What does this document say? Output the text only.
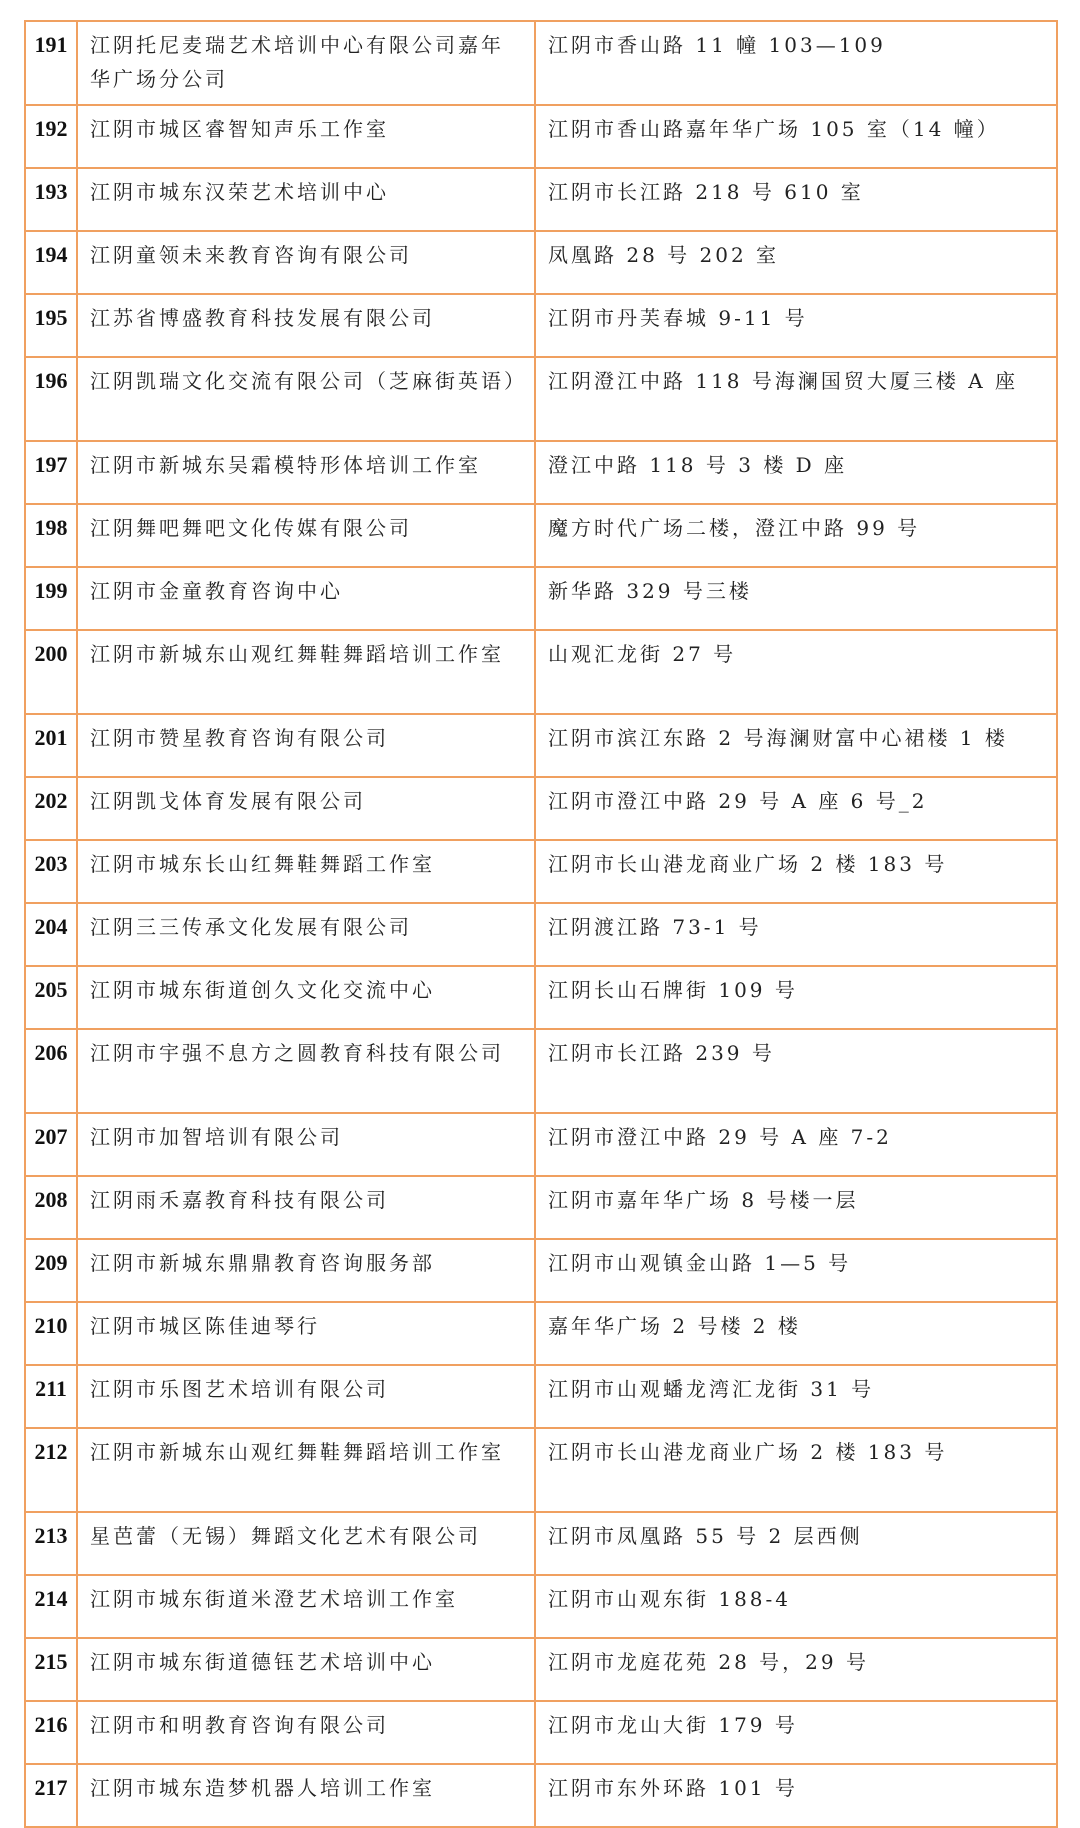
191	江阴托尼麦瑞艺术培训中心有限公司嘉年华广场分公司	江阴市香山路 11 幢 103—109
192	江阴市城区睿智知声乐工作室	江阴市香山路嘉年华广场 105 室（14 幢）
193	江阴市城东汉荣艺术培训中心	江阴市长江路 218 号 610 室
194	江阴童领未来教育咨询有限公司	凤凰路 28 号 202 室
195	江苏省博盛教育科技发展有限公司	江阴市丹芙春城 9-11 号
196	江阴凯瑞文化交流有限公司（芝麻街英语）	江阴澄江中路 118 号海澜国贸大厦三楼 A 座
197	江阴市新城东吴霜模特形体培训工作室	澄江中路 118 号 3 楼 D 座
198	江阴舞吧舞吧文化传媒有限公司	魔方时代广场二楼，澄江中路 99 号
199	江阴市金童教育咨询中心	新华路 329 号三楼
200	江阴市新城东山观红舞鞋舞蹈培训工作室	山观汇龙街 27 号
201	江阴市赞星教育咨询有限公司	江阴市滨江东路 2 号海澜财富中心裙楼 1 楼
202	江阴凯戈体育发展有限公司	江阴市澄江中路 29 号 A 座 6 号_2
203	江阴市城东长山红舞鞋舞蹈工作室	江阴市长山港龙商业广场 2 楼 183 号
204	江阴三三传承文化发展有限公司	江阴渡江路 73-1 号
205	江阴市城东街道创久文化交流中心	江阴长山石牌街 109 号
206	江阴市宇强不息方之圆教育科技有限公司	江阴市长江路 239 号
207	江阴市加智培训有限公司	江阴市澄江中路 29 号 A 座 7-2
208	江阴雨禾嘉教育科技有限公司	江阴市嘉年华广场 8 号楼一层
209	江阴市新城东鼎鼎教育咨询服务部	江阴市山观镇金山路 1—5 号
210	江阴市城区陈佳迪琴行	嘉年华广场 2 号楼 2 楼
211	江阴市乐图艺术培训有限公司	江阴市山观蟠龙湾汇龙街 31 号
212	江阴市新城东山观红舞鞋舞蹈培训工作室	江阴市长山港龙商业广场 2 楼 183 号
213	星芭蕾（无锡）舞蹈文化艺术有限公司	江阴市凤凰路 55 号 2 层西侧
214	江阴市城东街道米澄艺术培训工作室	江阴市山观东街 188-4
215	江阴市城东街道德钰艺术培训中心	江阴市龙庭花苑 28 号，29 号
216	江阴市和明教育咨询有限公司	江阴市龙山大街 179 号
217	江阴市城东造梦机器人培训工作室	江阴市东外环路 101 号
